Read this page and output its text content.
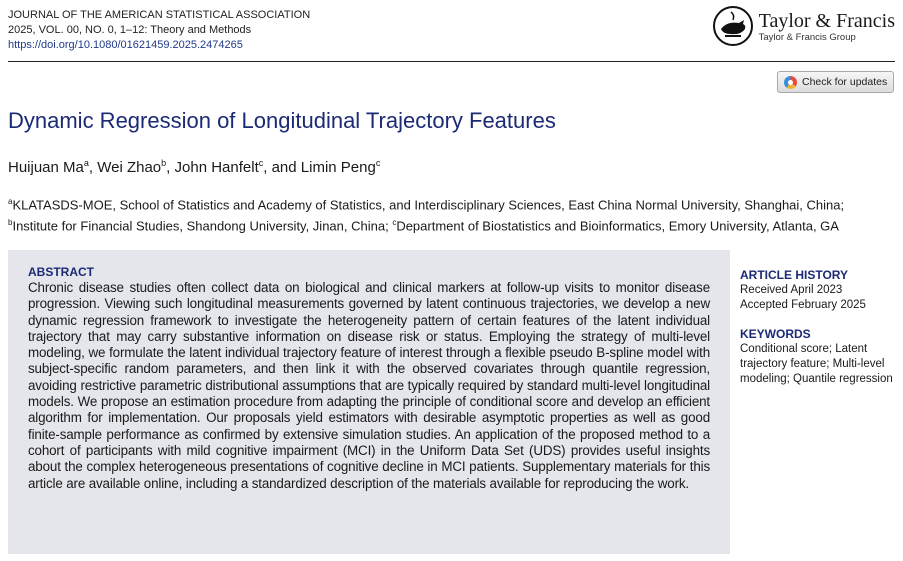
JOURNAL OF THE AMERICAN STATISTICAL ASSOCIATION
2025, VOL. 00, NO. 0, 1–12: Theory and Methods
https://doi.org/10.1080/01621459.2025.2474265
Taylor & Francis
Taylor & Francis Group
Check for updates
Dynamic Regression of Longitudinal Trajectory Features
Huijuan Ma$^a$, Wei Zhao$^b$, John Hanfelt$^c$, and Limin Peng$^c$
$^a$KLATASDS-MOE, School of Statistics and Academy of Statistics, and Interdisciplinary Sciences, East China Normal University, Shanghai, China; $^b$Institute for Financial Studies, Shandong University, Jinan, China; $^c$Department of Biostatistics and Bioinformatics, Emory University, Atlanta, GA
ABSTRACT
Chronic disease studies often collect data on biological and clinical markers at follow-up visits to monitor disease progression. Viewing such longitudinal measurements governed by latent continuous trajectories, we develop a new dynamic regression framework to investigate the heterogeneity pattern of certain features of the latent individual trajectory that may carry substantive information on disease risk or status. Employing the strategy of multi-level modeling, we formulate the latent individual trajectory feature of interest through a flexible pseudo B-spline model with subject-specific random parameters, and then link it with the observed covariates through quantile regression, avoiding restrictive parametric distributional assumptions that are typically required by standard multi-level longitudinal models. We propose an estimation procedure from adapting the principle of conditional score and develop an efficient algorithm for implementation. Our proposals yield estimators with desirable asymptotic properties as well as good finite-sample performance as confirmed by extensive simulation studies. An application of the proposed method to a cohort of participants with mild cognitive impairment (MCI) in the Uniform Data Set (UDS) provides useful insights about the complex heterogeneous presentations of cognitive decline in MCI patients. Supplementary materials for this article are available online, including a standardized description of the materials available for reproducing the work.
ARTICLE HISTORY
Received April 2023
Accepted February 2025
KEYWORDS
Conditional score; Latent trajectory feature; Multi-level modeling; Quantile regression
